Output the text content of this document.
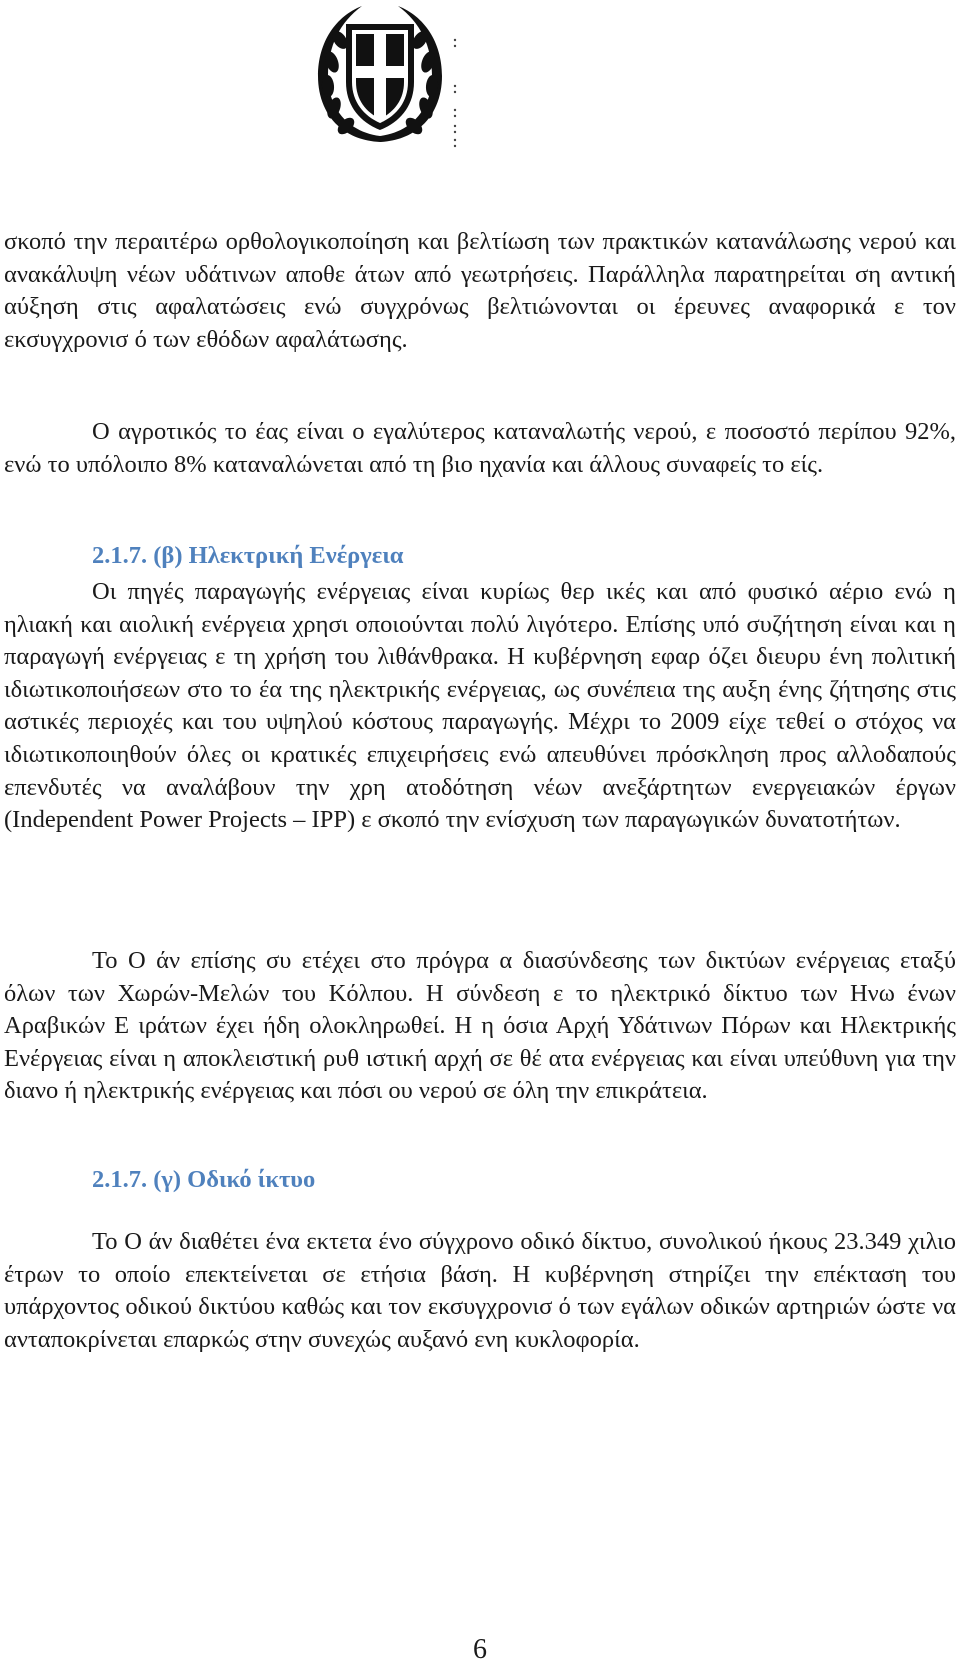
σκοπό την περαιτέρω ορθολογικοποίηση και βελτίωση των πρακτικών κατανάλωσης νερού και ανακάλυψη νέων υδάτινων αποθε άτων από γεωτρήσεις. Παράλληλα παρατηρείται ση αντική αύξηση στις αφαλατώσεις ενώ συγχρόνως βελτιώνονται οι έρευνες αναφορικά ε τον εκσυγχρονισ ό των εθόδων αφαλάτωσης.

Ο αγροτικός το έας είναι ο εγαλύτερος καταναλωτής νερού, ε ποσοστό περίπου 92%, ενώ το υπόλοιπο 8% καταναλώνεται από τη βιο ηχανία και άλλους συναφείς το είς.

2.1.7. (β) Ηλεκτρική Ενέργεια

Οι πηγές παραγωγής ενέργειας είναι κυρίως θερ ικές και από φυσικό αέριο ενώ η ηλιακή και αιολική ενέργεια χρησι οποιούνται πολύ λιγότερο. Επίσης υπό συζήτηση είναι και η παραγωγή ενέργειας ε τη χρήση του λιθάνθρακα. Η κυβέρνηση εφαρ όζει διευρυ ένη πολιτική ιδιωτικοποιήσεων στο το έα της ηλεκτρικής ενέργειας, ως συνέπεια της αυξη ένης ζήτησης στις αστικές περιοχές και του υψηλού κόστους παραγωγής. Μέχρι το 2009 είχε τεθεί ο στόχος να ιδιωτικοποιηθούν όλες οι κρατικές επιχειρήσεις ενώ απευθύνει πρόσκληση προς αλλοδαπούς επενδυτές να αναλάβουν την χρη ατοδότηση νέων ανεξάρτητων ενεργειακών έργων (Independent Power Projects – IPP) ε σκοπό την ενίσχυση των παραγωγικών δυνατοτήτων.

Το Ο άν επίσης συ ετέχει στο πρόγρα α διασύνδεσης των δικτύων ενέργειας εταξύ όλων των Χωρών-Μελών του Κόλπου. Η σύνδεση ε το ηλεκτρικό δίκτυο των Ηνω ένων Αραβικών Ε ιράτων έχει ήδη ολοκληρωθεί. Η η όσια Αρχή Υδάτινων Πόρων και Ηλεκτρικής Ενέργειας είναι η αποκλειστική ρυθ ιστική αρχή σε θέ ατα ενέργειας και είναι υπεύθυνη για την διανο ή ηλεκτρικής ενέργειας και πόσι ου νερού σε όλη την επικράτεια.

2.1.7. (γ) Οδικό ίκτυο

Το Ο άν διαθέτει ένα εκτετα ένο σύγχρονο οδικό δίκτυο, συνολικού ήκους 23.349 χιλιο έτρων το οποίο επεκτείνεται σε ετήσια βάση. Η κυβέρνηση στηρίζει την επέκταση του υπάρχοντος οδικού δικτύου καθώς και τον εκσυγχρονισ ό των εγάλων οδικών αρτηριών ώστε να ανταποκρίνεται επαρκώς στην συνεχώς αυξανό ενη κυκλοφορία.

6
